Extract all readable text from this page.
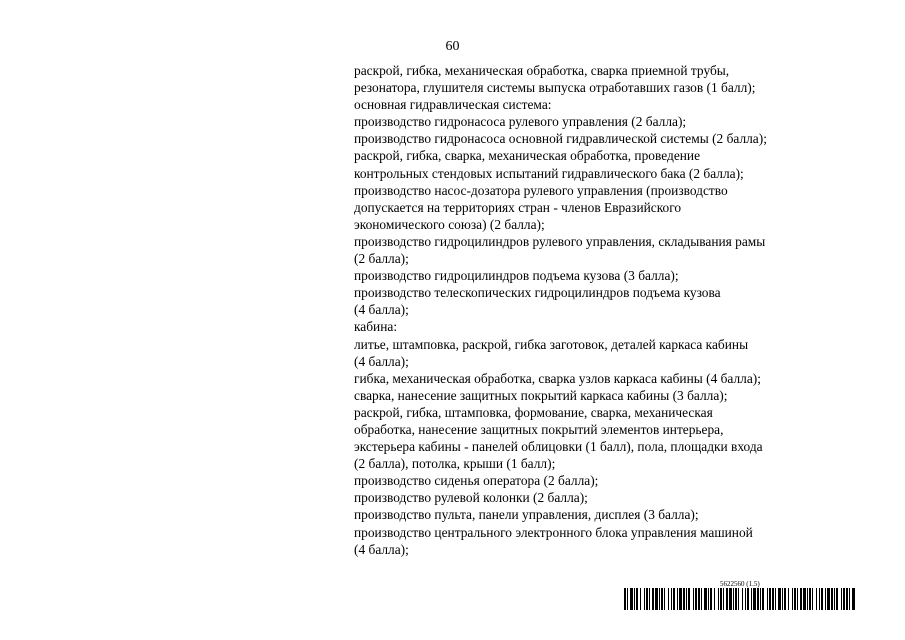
60
раскрой, гибка, механическая обработка, сварка приемной трубы,
резонатора, глушителя системы выпуска отработавших газов (1 балл);
основная гидравлическая система:
производство гидронасоса рулевого управления (2 балла);
производство гидронасоса основной гидравлической системы (2 балла);
раскрой, гибка, сварка, механическая обработка, проведение
контрольных стендовых испытаний гидравлического бака (2 балла);
производство насос-дозатора рулевого управления (производство
допускается на территориях стран - членов Евразийского
экономического союза) (2 балла);
производство гидроцилиндров рулевого управления, складывания рамы
(2 балла);
производство гидроцилиндров подъема кузова (3 балла);
производство телескопических гидроцилиндров подъема кузова
(4 балла);
кабина:
литье, штамповка, раскрой, гибка заготовок, деталей каркаса кабины
(4 балла);
гибка, механическая обработка, сварка узлов каркаса кабины (4 балла);
сварка, нанесение защитных покрытий каркаса кабины (3 балла);
раскрой, гибка, штамповка, формование, сварка, механическая
обработка, нанесение защитных покрытий элементов интерьера,
экстерьера кабины - панелей облицовки (1 балл), пола, площадки входа
(2 балла), потолка, крыши (1 балл);
производство сиденья оператора (2 балла);
производство рулевой колонки (2 балла);
производство пульта, панели управления, дисплея (3 балла);
производство центрального электронного блока управления машиной
(4 балла);
5622560 (1.5)
